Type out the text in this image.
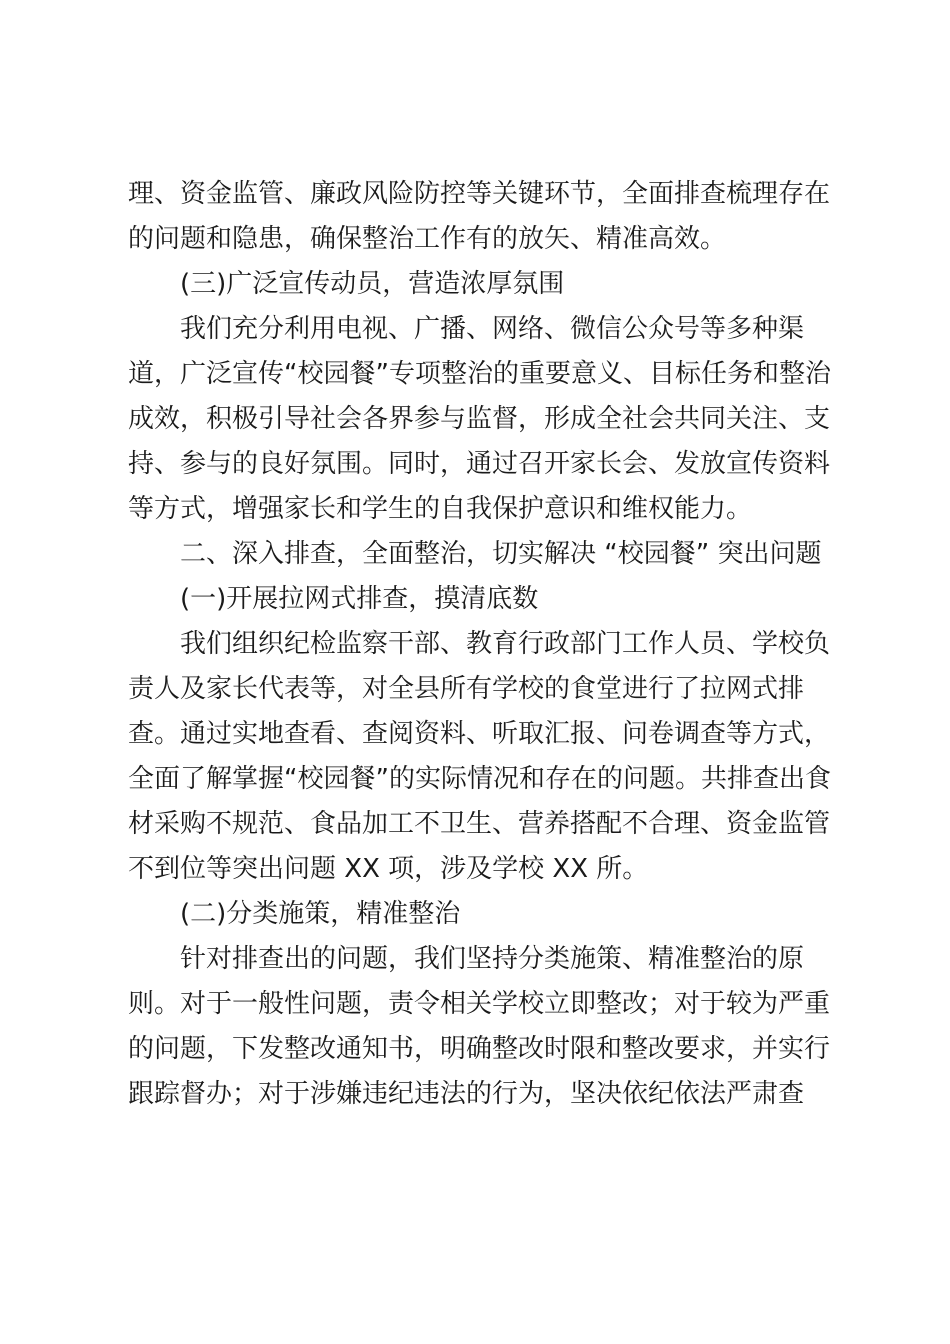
理、资金监管、廉政风险防控等关键环节，全面排查梳理存在
的问题和隐患，确保整治工作有的放矢、精准高效。

(三)广泛宣传动员，营造浓厚氛围

我们充分利用电视、广播、网络、微信公众号等多种渠
道，广泛宣传“校园餐”专项整治的重要意义、目标任务和整治
成效，积极引导社会各界参与监督，形成全社会共同关注、支
持、参与的良好氛围。同时，通过召开家长会、发放宣传资料
等方式，增强家长和学生的自我保护意识和维权能力。

二、深入排查，全面整治，切实解决 “校园餐” 突出问题

(一)开展拉网式排查，摸清底数

我们组织纪检监察干部、教育行政部门工作人员、学校负
责人及家长代表等，对全县所有学校的食堂进行了拉网式排
查。通过实地查看、查阅资料、听取汇报、问卷调查等方式，
全面了解掌握“校园餐”的实际情况和存在的问题。共排查出食
材采购不规范、食品加工不卫生、营养搭配不合理、资金监管
不到位等突出问题 XX 项，涉及学校 XX 所。

(二)分类施策，精准整治

针对排查出的问题，我们坚持分类施策、精准整治的原
则。对于一般性问题，责令相关学校立即整改；对于较为严重
的问题，下发整改通知书，明确整改时限和整改要求，并实行
跟踪督办；对于涉嫌违纪违法的行为，坚决依纪依法严肃查
